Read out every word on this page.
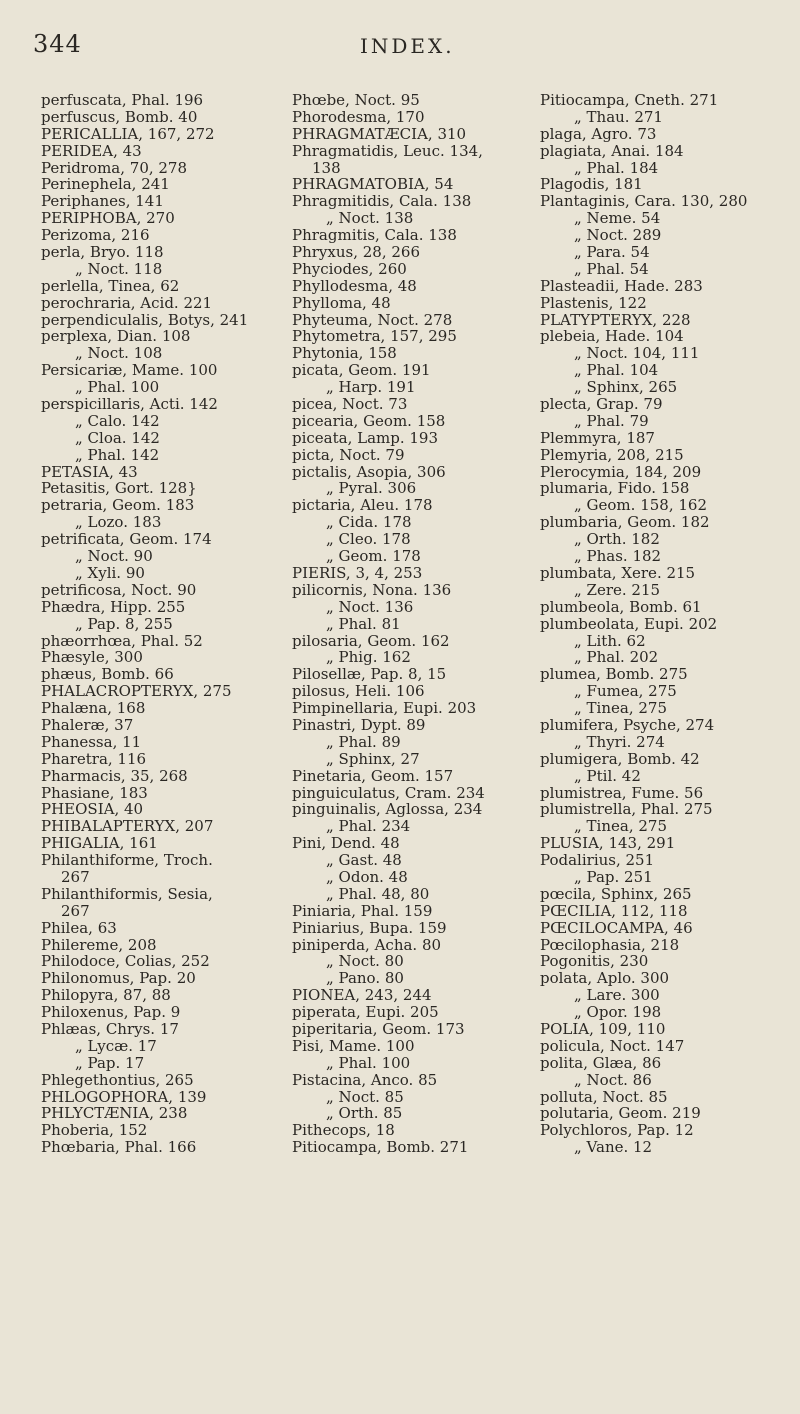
344	INDEX.
perfuscata, Phal. 196
perfuscus, Bomb. 40
PERICALLIA, 167, 272
PERIDEA, 43
Peridroma, 70, 278
Perinephela, 241
Periphanes, 141
PERIPHOBA, 270
Perizoma, 216
perla, Bryo. 118
„ Noct. 118
perlella, Tinea, 62
perochraria, Acid. 221
perpendiculalis, Botys, 241
perplexa, Dian. 108
„ Noct. 108
Persicariæ, Mame. 100
„ Phal. 100
perspicillaris, Acti. 142
„ Calo. 142
„ Cloa. 142
„ Phal. 142
PETASIA, 43
Petasitis, Gort. 128}
petraria, Geom. 183
„ Lozo. 183
petrificata, Geom. 174
„ Noct. 90
„ Xyli. 90
petrificosa, Noct. 90
Phædra, Hipp. 255
„ Pap. 8, 255
phæorrhœa, Phal. 52
Phæsyle, 300
phæus, Bomb. 66
PHALACROPTERYX, 275
Phalæna, 168
Phaleræ, 37
Phanessa, 11
Pharetra, 116
Pharmacis, 35, 268
Phasiane, 183
PHEOSIA, 40
PHIBALAPTERYX, 207
PHIGALIA, 161
Philanthiforme, Troch.
267
Philanthiformis, Sesia,
267
Philea, 63
Philereme, 208
Philodoce, Colias, 252
Philonomus, Pap. 20
Philopyra, 87, 88
Philoxenus, Pap. 9
Phlæas, Chrys. 17
„ Lycæ. 17
„ Pap. 17
Phlegethontius, 265
PHLOGOPHORA, 139
PHLYCTÆNIA, 238
Phoberia, 152
Phœbaria, Phal. 166
Phœbe, Noct. 95
Phorodesma, 170
PHRAGMATÆCIA, 310
Phragmatidis, Leuc. 134,
138
PHRAGMATOBIA, 54
Phragmitidis, Cala. 138
„ Noct. 138
Phragmitis, Cala. 138
Phryxus, 28, 266
Phyciodes, 260
Phyllodesma, 48
Phylloma, 48
Phyteuma, Noct. 278
Phytometra, 157, 295
Phytonia, 158
picata, Geom. 191
„ Harp. 191
picea, Noct. 73
picearia, Geom. 158
piceata, Lamp. 193
picta, Noct. 79
pictalis, Asopia, 306
„ Pyral. 306
pictaria, Aleu. 178
„ Cida. 178
„ Cleo. 178
„ Geom. 178
PIERIS, 3, 4, 253
pilicornis, Nona. 136
„ Noct. 136
„ Phal. 81
pilosaria, Geom. 162
„ Phig. 162
Pilosellæ, Pap. 8, 15
pilosus, Heli. 106
Pimpinellaria, Eupi. 203
Pinastri, Dypt. 89
„ Phal. 89
„ Sphinx, 27
Pinetaria, Geom. 157
pinguiculatus, Cram. 234
pinguinalis, Aglossa, 234
„ Phal. 234
Pini, Dend. 48
„ Gast. 48
„ Odon. 48
„ Phal. 48, 80
Piniaria, Phal. 159
Piniarius, Bupa. 159
piniperda, Acha. 80
„ Noct. 80
„ Pano. 80
PIONEA, 243, 244
piperata, Eupi. 205
piperitaria, Geom. 173
Pisi, Mame. 100
„ Phal. 100
Pistacina, Anco. 85
„ Noct. 85
„ Orth. 85
Pithecops, 18
Pitiocampa, Bomb. 271
Pitiocampa, Cneth. 271
„ Thau. 271
plaga, Agro. 73
plagiata, Anai. 184
„ Phal. 184
Plagodis, 181
Plantaginis, Cara. 130, 280
„ Neme. 54
„ Noct. 289
„ Para. 54
„ Phal. 54
Plasteadii, Hade. 283
Plastenis, 122
PLATYPTERYX, 228
plebeia, Hade. 104
„ Noct. 104, 111
„ Phal. 104
„ Sphinx, 265
plecta, Grap. 79
„ Phal. 79
Plemmyra, 187
Plemyria, 208, 215
Plerocymia, 184, 209
plumaria, Fido. 158
„ Geom. 158, 162
plumbaria, Geom. 182
„ Orth. 182
„ Phas. 182
plumbata, Xere. 215
„ Zere. 215
plumbeola, Bomb. 61
plumbeolata, Eupi. 202
„ Lith. 62
„ Phal. 202
plumea, Bomb. 275
„ Fumea, 275
„ Tinea, 275
plumifera, Psyche, 274
„ Thyri. 274
plumigera, Bomb. 42
„ Ptil. 42
plumistrea, Fume. 56
plumistrella, Phal. 275
„ Tinea, 275
PLUSIA, 143, 291
Podalirius, 251
„ Pap. 251
pœcila, Sphinx, 265
PŒCILIA, 112, 118
PŒCILOCAMPA, 46
Pœcilophasia, 218
Pogonitis, 230
polata, Aplo. 300
„ Lare. 300
„ Opor. 198
POLIA, 109, 110
policula, Noct. 147
polita, Glæa, 86
„ Noct. 86
polluta, Noct. 85
polutaria, Geom. 219
Polychloros, Pap. 12
„ Vane. 12
